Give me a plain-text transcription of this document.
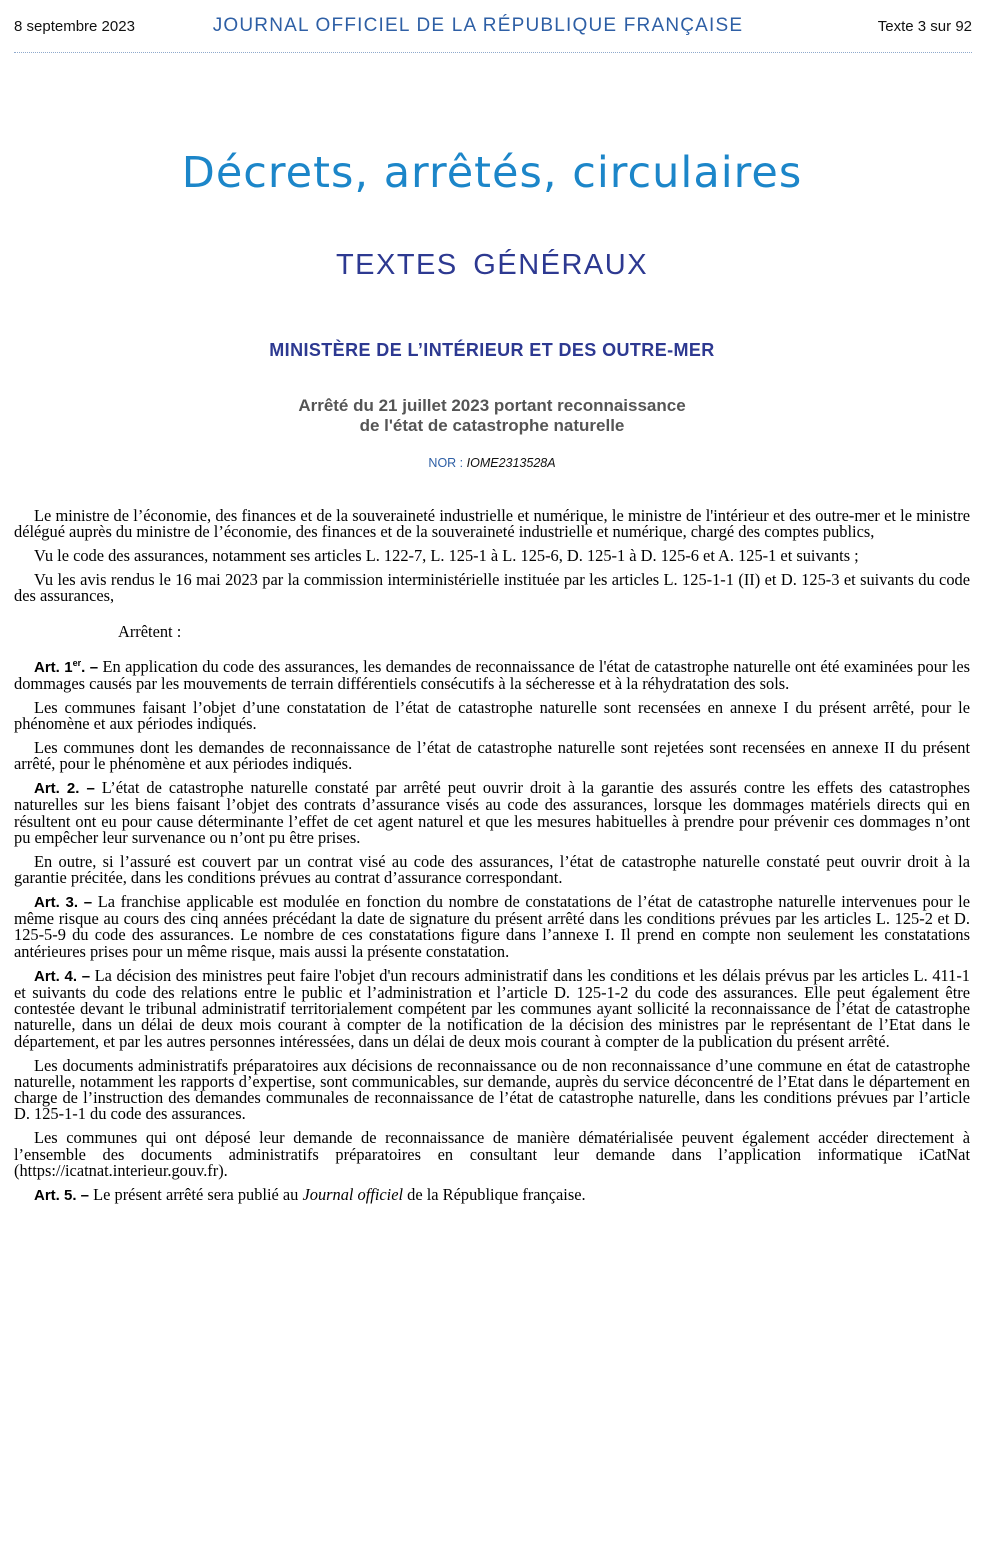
8 septembre 2023	JOURNAL OFFICIEL DE LA RÉPUBLIQUE FRANÇAISE	Texte 3 sur 92
Décrets, arrêtés, circulaires
TEXTES GÉNÉRAUX
MINISTÈRE DE L’INTÉRIEUR ET DES OUTRE-MER
Arrêté du 21 juillet 2023 portant reconnaissance
de l'état de catastrophe naturelle
NOR : IOME2313528A

Le ministre de l’économie, des finances et de la souveraineté industrielle et numérique, le ministre de l'intérieur et des outre-mer et le ministre délégué auprès du ministre de l’économie, des finances et de la souveraineté industrielle et numérique, chargé des comptes publics,

Vu le code des assurances, notamment ses articles L. 122-7, L. 125-1 à L. 125-6, D. 125-1 à D. 125-6 et A. 125-1 et suivants ;

Vu les avis rendus le 16 mai 2023 par la commission interministérielle instituée par les articles L. 125-1-1 (II) et D. 125-3 et suivants du code des assurances,

Arrêtent :

Art. 1er. – En application du code des assurances, les demandes de reconnaissance de l'état de catastrophe naturelle ont été examinées pour les dommages causés par les mouvements de terrain différentiels consécutifs à la sécheresse et à la réhydratation des sols.

Les communes faisant l’objet d’une constatation de l’état de catastrophe naturelle sont recensées en annexe I du présent arrêté, pour le phénomène et aux périodes indiqués.

Les communes dont les demandes de reconnaissance de l’état de catastrophe naturelle sont rejetées sont recensées en annexe II du présent arrêté, pour le phénomène et aux périodes indiqués.

Art. 2. – L’état de catastrophe naturelle constaté par arrêté peut ouvrir droit à la garantie des assurés contre les effets des catastrophes naturelles sur les biens faisant l’objet des contrats d’assurance visés au code des assurances, lorsque les dommages matériels directs qui en résultent ont eu pour cause déterminante l’effet de cet agent naturel et que les mesures habituelles à prendre pour prévenir ces dommages n’ont pu empêcher leur survenance ou n’ont pu être prises.

En outre, si l’assuré est couvert par un contrat visé au code des assurances, l’état de catastrophe naturelle constaté peut ouvrir droit à la garantie précitée, dans les conditions prévues au contrat d’assurance correspondant.

Art. 3. – La franchise applicable est modulée en fonction du nombre de constatations de l’état de catastrophe naturelle intervenues pour le même risque au cours des cinq années précédant la date de signature du présent arrêté dans les conditions prévues par les articles L. 125-2 et D. 125-5-9 du code des assurances. Le nombre de ces constatations figure dans l’annexe I. Il prend en compte non seulement les constatations antérieures prises pour un même risque, mais aussi la présente constatation.

Art. 4. – La décision des ministres peut faire l'objet d'un recours administratif dans les conditions et les délais prévus par les articles L. 411-1 et suivants du code des relations entre le public et l’administration et l’article D. 125-1-2 du code des assurances. Elle peut également être contestée devant le tribunal administratif territorialement compétent par les communes ayant sollicité la reconnaissance de l’état de catastrophe naturelle, dans un délai de deux mois courant à compter de la notification de la décision des ministres par le représentant de l’Etat dans le département, et par les autres personnes intéressées, dans un délai de deux mois courant à compter de la publication du présent arrêté.

Les documents administratifs préparatoires aux décisions de reconnaissance ou de non reconnaissance d’une commune en état de catastrophe naturelle, notamment les rapports d’expertise, sont communicables, sur demande, auprès du service déconcentré de l’Etat dans le département en charge de l’instruction des demandes communales de reconnaissance de l’état de catastrophe naturelle, dans les conditions prévues par l’article D. 125-1-1 du code des assurances.

Les communes qui ont déposé leur demande de reconnaissance de manière dématérialisée peuvent également accéder directement à l’ensemble des documents administratifs préparatoires en consultant leur demande dans l’application informatique iCatNat (https://icatnat.interieur.gouv.fr).

Art. 5. – Le présent arrêté sera publié au Journal officiel de la République française.
